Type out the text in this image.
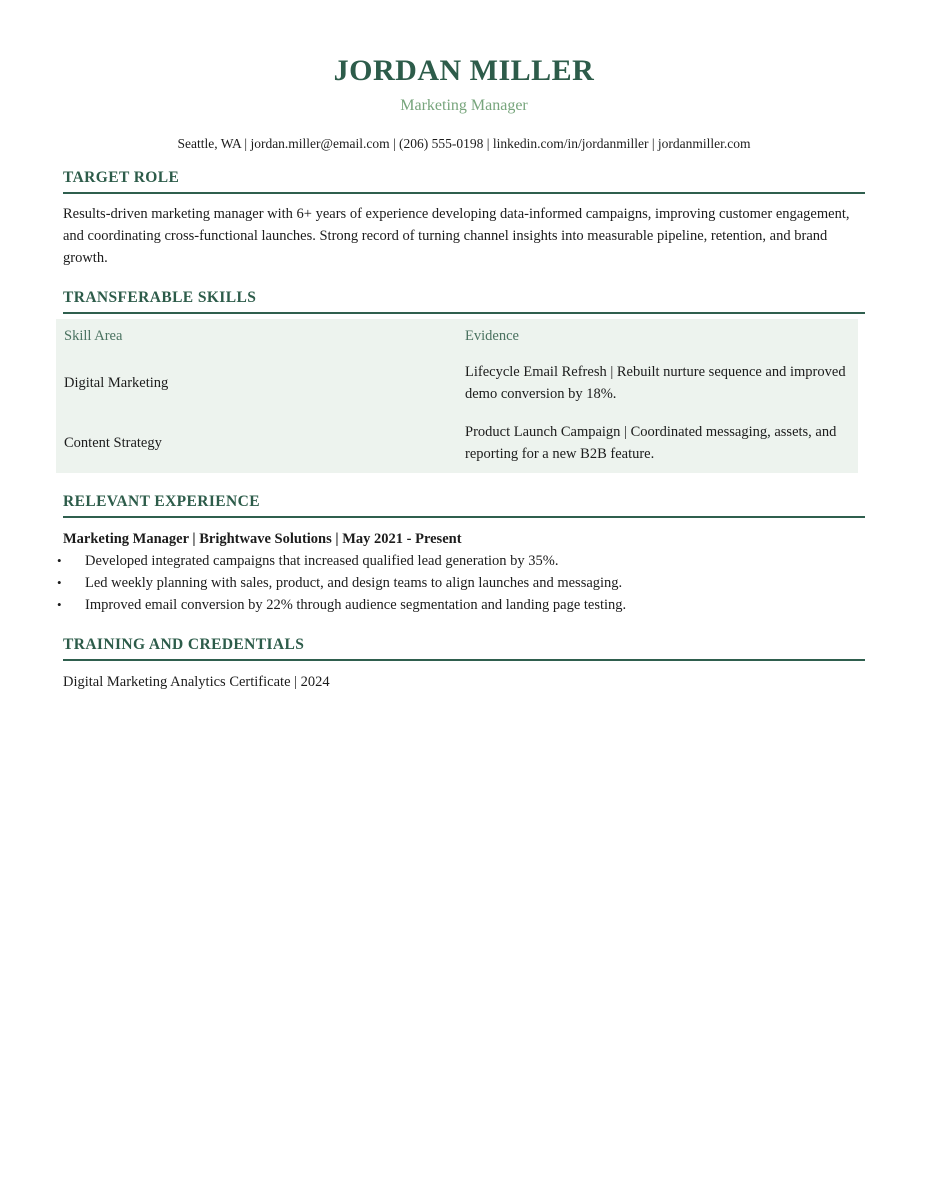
JORDAN MILLER
Marketing Manager
Seattle, WA | jordan.miller@email.com | (206) 555-0198 | linkedin.com/in/jordanmiller | jordanmiller.com
TARGET ROLE

Results-driven marketing manager with 6+ years of experience developing data-informed campaigns, improving customer engagement, and coordinating cross-functional launches. Strong record of turning channel insights into measurable pipeline, retention, and brand growth.

TRANSFERABLE SKILLS
Skill Area	Evidence
Digital Marketing	Lifecycle Email Refresh | Rebuilt nurture sequence and improved demo conversion by 18%.
Content Strategy	Product Launch Campaign | Coordinated messaging, assets, and reporting for a new B2B feature.
RELEVANT EXPERIENCE

Marketing Manager | Brightwave Solutions | May 2021 - Present

• Developed integrated campaigns that increased qualified lead generation by 35%.
• Led weekly planning with sales, product, and design teams to align launches and messaging.
• Improved email conversion by 22% through audience segmentation and landing page testing.
TRAINING AND CREDENTIALS

Digital Marketing Analytics Certificate | 2024
